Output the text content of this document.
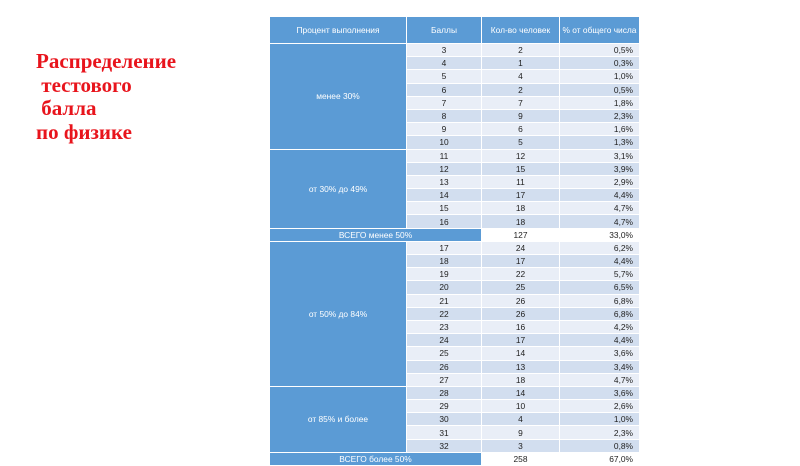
Распределение
тестового
балла
по физике
Процент выполнения	Баллы	Кол-во человек	% от общего числа
менее 30%	3	2	0,5%
	4	1	0,3%
	5	4	1,0%
	6	2	0,5%
	7	7	1,8%
	8	9	2,3%
	9	6	1,6%
	10	5	1,3%
от 30% до 49%	11	12	3,1%
	12	15	3,9%
	13	11	2,9%
	14	17	4,4%
	15	18	4,7%
	16	18	4,7%
ВСЕГО менее 50%		127	33,0%
от 50% до 84%	17	24	6,2%
	18	17	4,4%
	19	22	5,7%
	20	25	6,5%
	21	26	6,8%
	22	26	6,8%
	23	16	4,2%
	24	17	4,4%
	25	14	3,6%
	26	13	3,4%
	27	18	4,7%
от 85% и более	28	14	3,6%
	29	10	2,6%
	30	4	1,0%
	31	9	2,3%
	32	3	0,8%
ВСЕГО более 50%		258	67,0%
